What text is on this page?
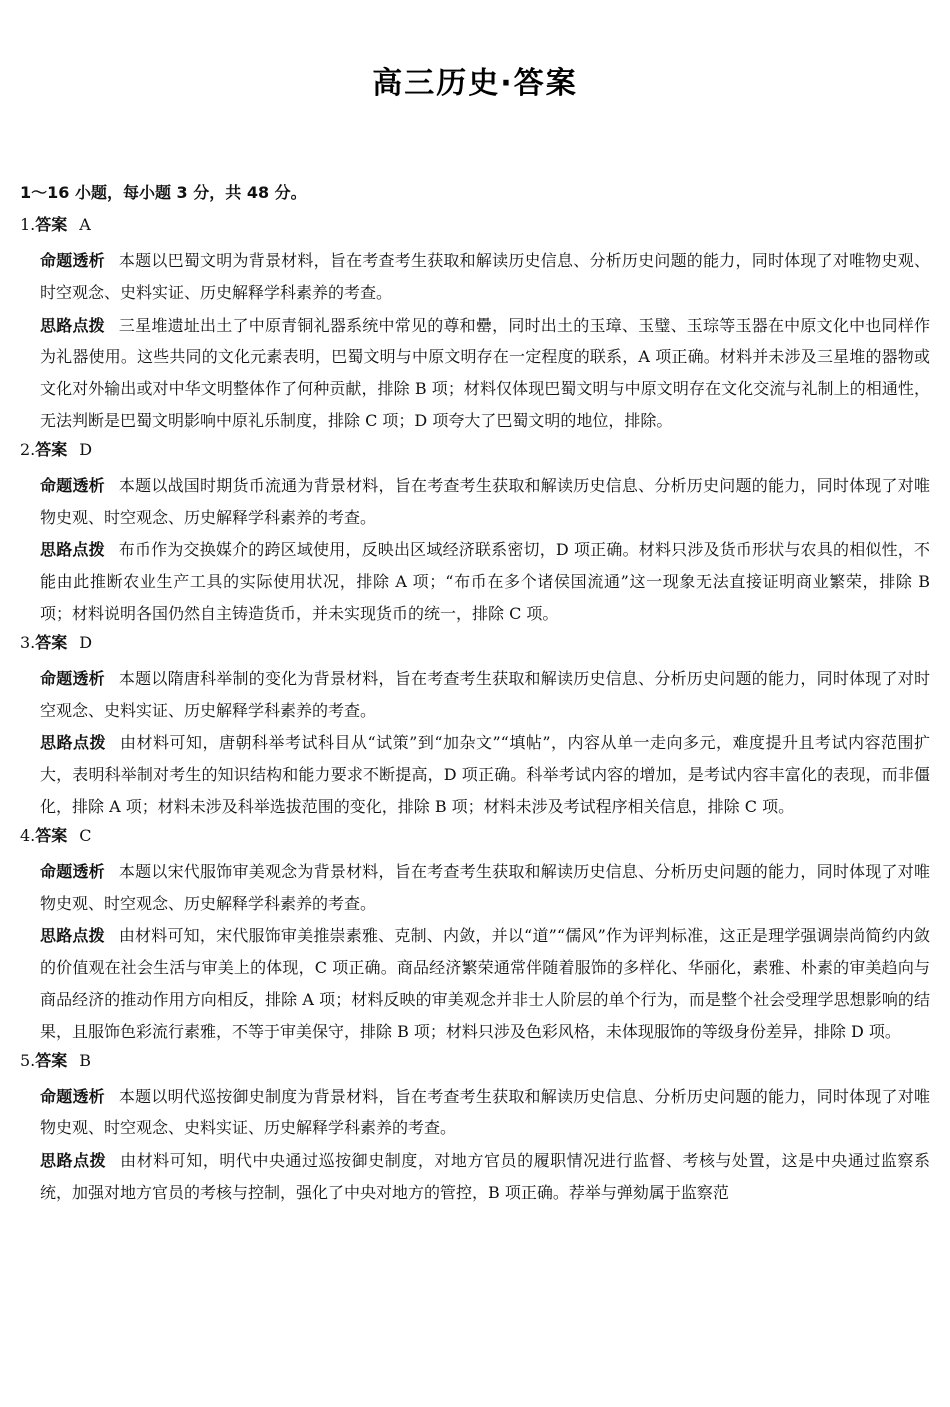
高三历史·答案
1～16 小题，每小题 3 分，共 48 分。
1.答案 A
命题透析 本题以巴蜀文明为背景材料，旨在考查考生获取和解读历史信息、分析历史问题的能力，同时体现了对唯物史观、时空观念、史料实证、历史解释学科素养的考查。
思路点拨 三星堆遗址出土了中原青铜礼器系统中常见的尊和罍，同时出土的玉璋、玉璧、玉琮等玉器在中原文化中也同样作为礼器使用。这些共同的文化元素表明，巴蜀文明与中原文明存在一定程度的联系，A 项正确。材料并未涉及三星堆的器物或文化对外输出或对中华文明整体作了何种贡献，排除 B 项；材料仅体现巴蜀文明与中原文明存在文化交流与礼制上的相通性，无法判断是巴蜀文明影响中原礼乐制度，排除 C 项；D 项夸大了巴蜀文明的地位，排除。
2.答案 D
命题透析 本题以战国时期货币流通为背景材料，旨在考查考生获取和解读历史信息、分析历史问题的能力，同时体现了对唯物史观、时空观念、历史解释学科素养的考查。
思路点拨 布币作为交换媒介的跨区域使用，反映出区域经济联系密切，D 项正确。材料只涉及货币形状与农具的相似性，不能由此推断农业生产工具的实际使用状况，排除 A 项；“布币在多个诸侯国流通”这一现象无法直接证明商业繁荣，排除 B 项；材料说明各国仍然自主铸造货币，并未实现货币的统一，排除 C 项。
3.答案 D
命题透析 本题以隋唐科举制的变化为背景材料，旨在考查考生获取和解读历史信息、分析历史问题的能力，同时体现了对时空观念、史料实证、历史解释学科素养的考查。
思路点拨 由材料可知，唐朝科举考试科目从“试策”到“加杂文”“填帖”，内容从单一走向多元，难度提升且考试内容范围扩大，表明科举制对考生的知识结构和能力要求不断提高，D 项正确。科举考试内容的增加，是考试内容丰富化的表现，而非僵化，排除 A 项；材料未涉及科举选拔范围的变化，排除 B 项；材料未涉及考试程序相关信息，排除 C 项。
4.答案 C
命题透析 本题以宋代服饰审美观念为背景材料，旨在考查考生获取和解读历史信息、分析历史问题的能力，同时体现了对唯物史观、时空观念、历史解释学科素养的考查。
思路点拨 由材料可知，宋代服饰审美推崇素雅、克制、内敛，并以“道”“儒风”作为评判标准，这正是理学强调崇尚简约内敛的价值观在社会生活与审美上的体现，C 项正确。商品经济繁荣通常伴随着服饰的多样化、华丽化，素雅、朴素的审美趋向与商品经济的推动作用方向相反，排除 A 项；材料反映的审美观念并非士人阶层的单个行为，而是整个社会受理学思想影响的结果，且服饰色彩流行素雅，不等于审美保守，排除 B 项；材料只涉及色彩风格，未体现服饰的等级身份差异，排除 D 项。
5.答案 B
命题透析 本题以明代巡按御史制度为背景材料，旨在考查考生获取和解读历史信息、分析历史问题的能力，同时体现了对唯物史观、时空观念、史料实证、历史解释学科素养的考查。
思路点拨 由材料可知，明代中央通过巡按御史制度，对地方官员的履职情况进行监督、考核与处置，这是中央通过监察系统，加强对地方官员的考核与控制，强化了中央对地方的管控，B 项正确。荐举与弹劾属于监察范
